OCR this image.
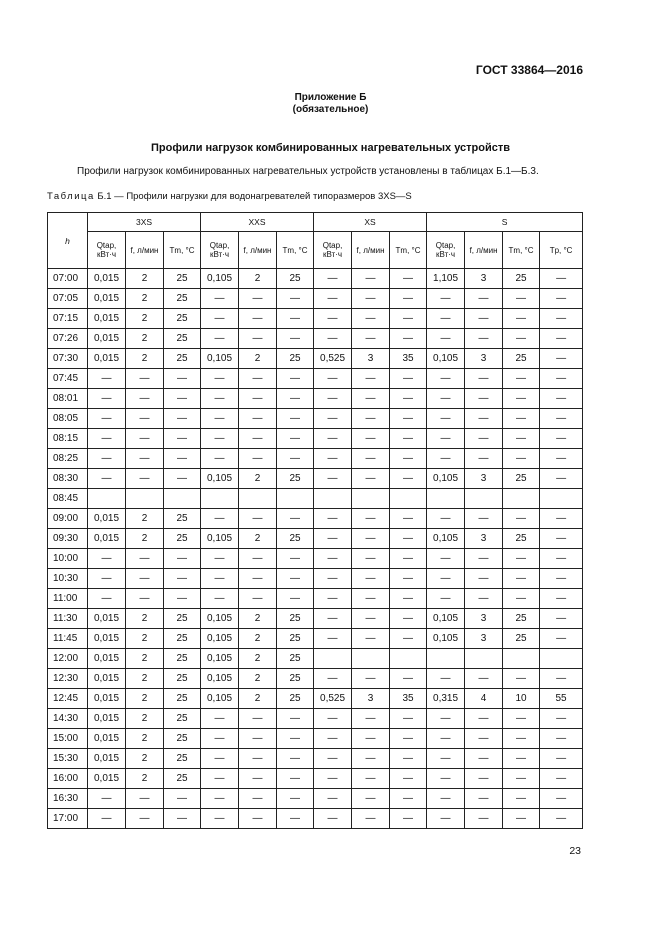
ГОСТ 33864—2016
Приложение Б
(обязательное)
Профили нагрузок комбинированных нагревательных устройств
Профили нагрузок комбинированных нагревательных устройств установлены в таблицах Б.1—Б.3.
Таблица Б.1 — Профили нагрузки для водонагревателей типоразмеров 3XS—S
h	3XS			XXS			XS			S			
	Qtap, кВт·ч	f, л/мин	Tm, °C	Qtap, кВт·ч	f, л/мин	Tm, °C	Qtap, кВт·ч	f, л/мин	Tm, °C	Qtap, кВт·ч	f, л/мин	Tm, °C	Tp, °C
07:00	0,015	2	25	0,105	2	25	—	—	—	1,105	3	25	—
07:05	0,015	2	25	—	—	—	—	—	—	—	—	—	—
07:15	0,015	2	25	—	—	—	—	—	—	—	—	—	—
07:26	0,015	2	25	—	—	—	—	—	—	—	—	—	—
07:30	0,015	2	25	0,105	2	25	0,525	3	35	0,105	3	25	—
07:45	—	—	—	—	—	—	—	—	—	—	—	—	—
08:01	—	—	—	—	—	—	—	—	—	—	—	—	—
08:05	—	—	—	—	—	—	—	—	—	—	—	—	—
08:15	—	—	—	—	—	—	—	—	—	—	—	—	—
08:25	—	—	—	—	—	—	—	—	—	—	—	—	—
08:30	—	—	—	0,105	2	25	—	—	—	0,105	3	25	—
08:45													
09:00	0,015	2	25	—	—	—	—	—	—	—	—	—	—
09:30	0,015	2	25	0,105	2	25	—	—	—	0,105	3	25	—
10:00	—	—	—	—	—	—	—	—	—	—	—	—	—
10:30	—	—	—	—	—	—	—	—	—	—	—	—	—
11:00	—	—	—	—	—	—	—	—	—	—	—	—	—
11:30	0,015	2	25	0,105	2	25	—	—	—	0,105	3	25	—
11:45	0,015	2	25	0,105	2	25	—	—	—	0,105	3	25	—
12:00	0,015	2	25	0,105	2	25							
12:30	0,015	2	25	0,105	2	25	—	—	—	—	—	—	—
12:45	0,015	2	25	0,105	2	25	0,525	3	35	0,315	4	10	55
14:30	0,015	2	25	—	—	—	—	—	—	—	—	—	—
15:00	0,015	2	25	—	—	—	—	—	—	—	—	—	—
15:30	0,015	2	25	—	—	—	—	—	—	—	—	—	—
16:00	0,015	2	25	—	—	—	—	—	—	—	—	—	—
16:30	—	—	—	—	—	—	—	—	—	—	—	—	—
17:00	—	—	—	—	—	—	—	—	—	—	—	—	—
23
